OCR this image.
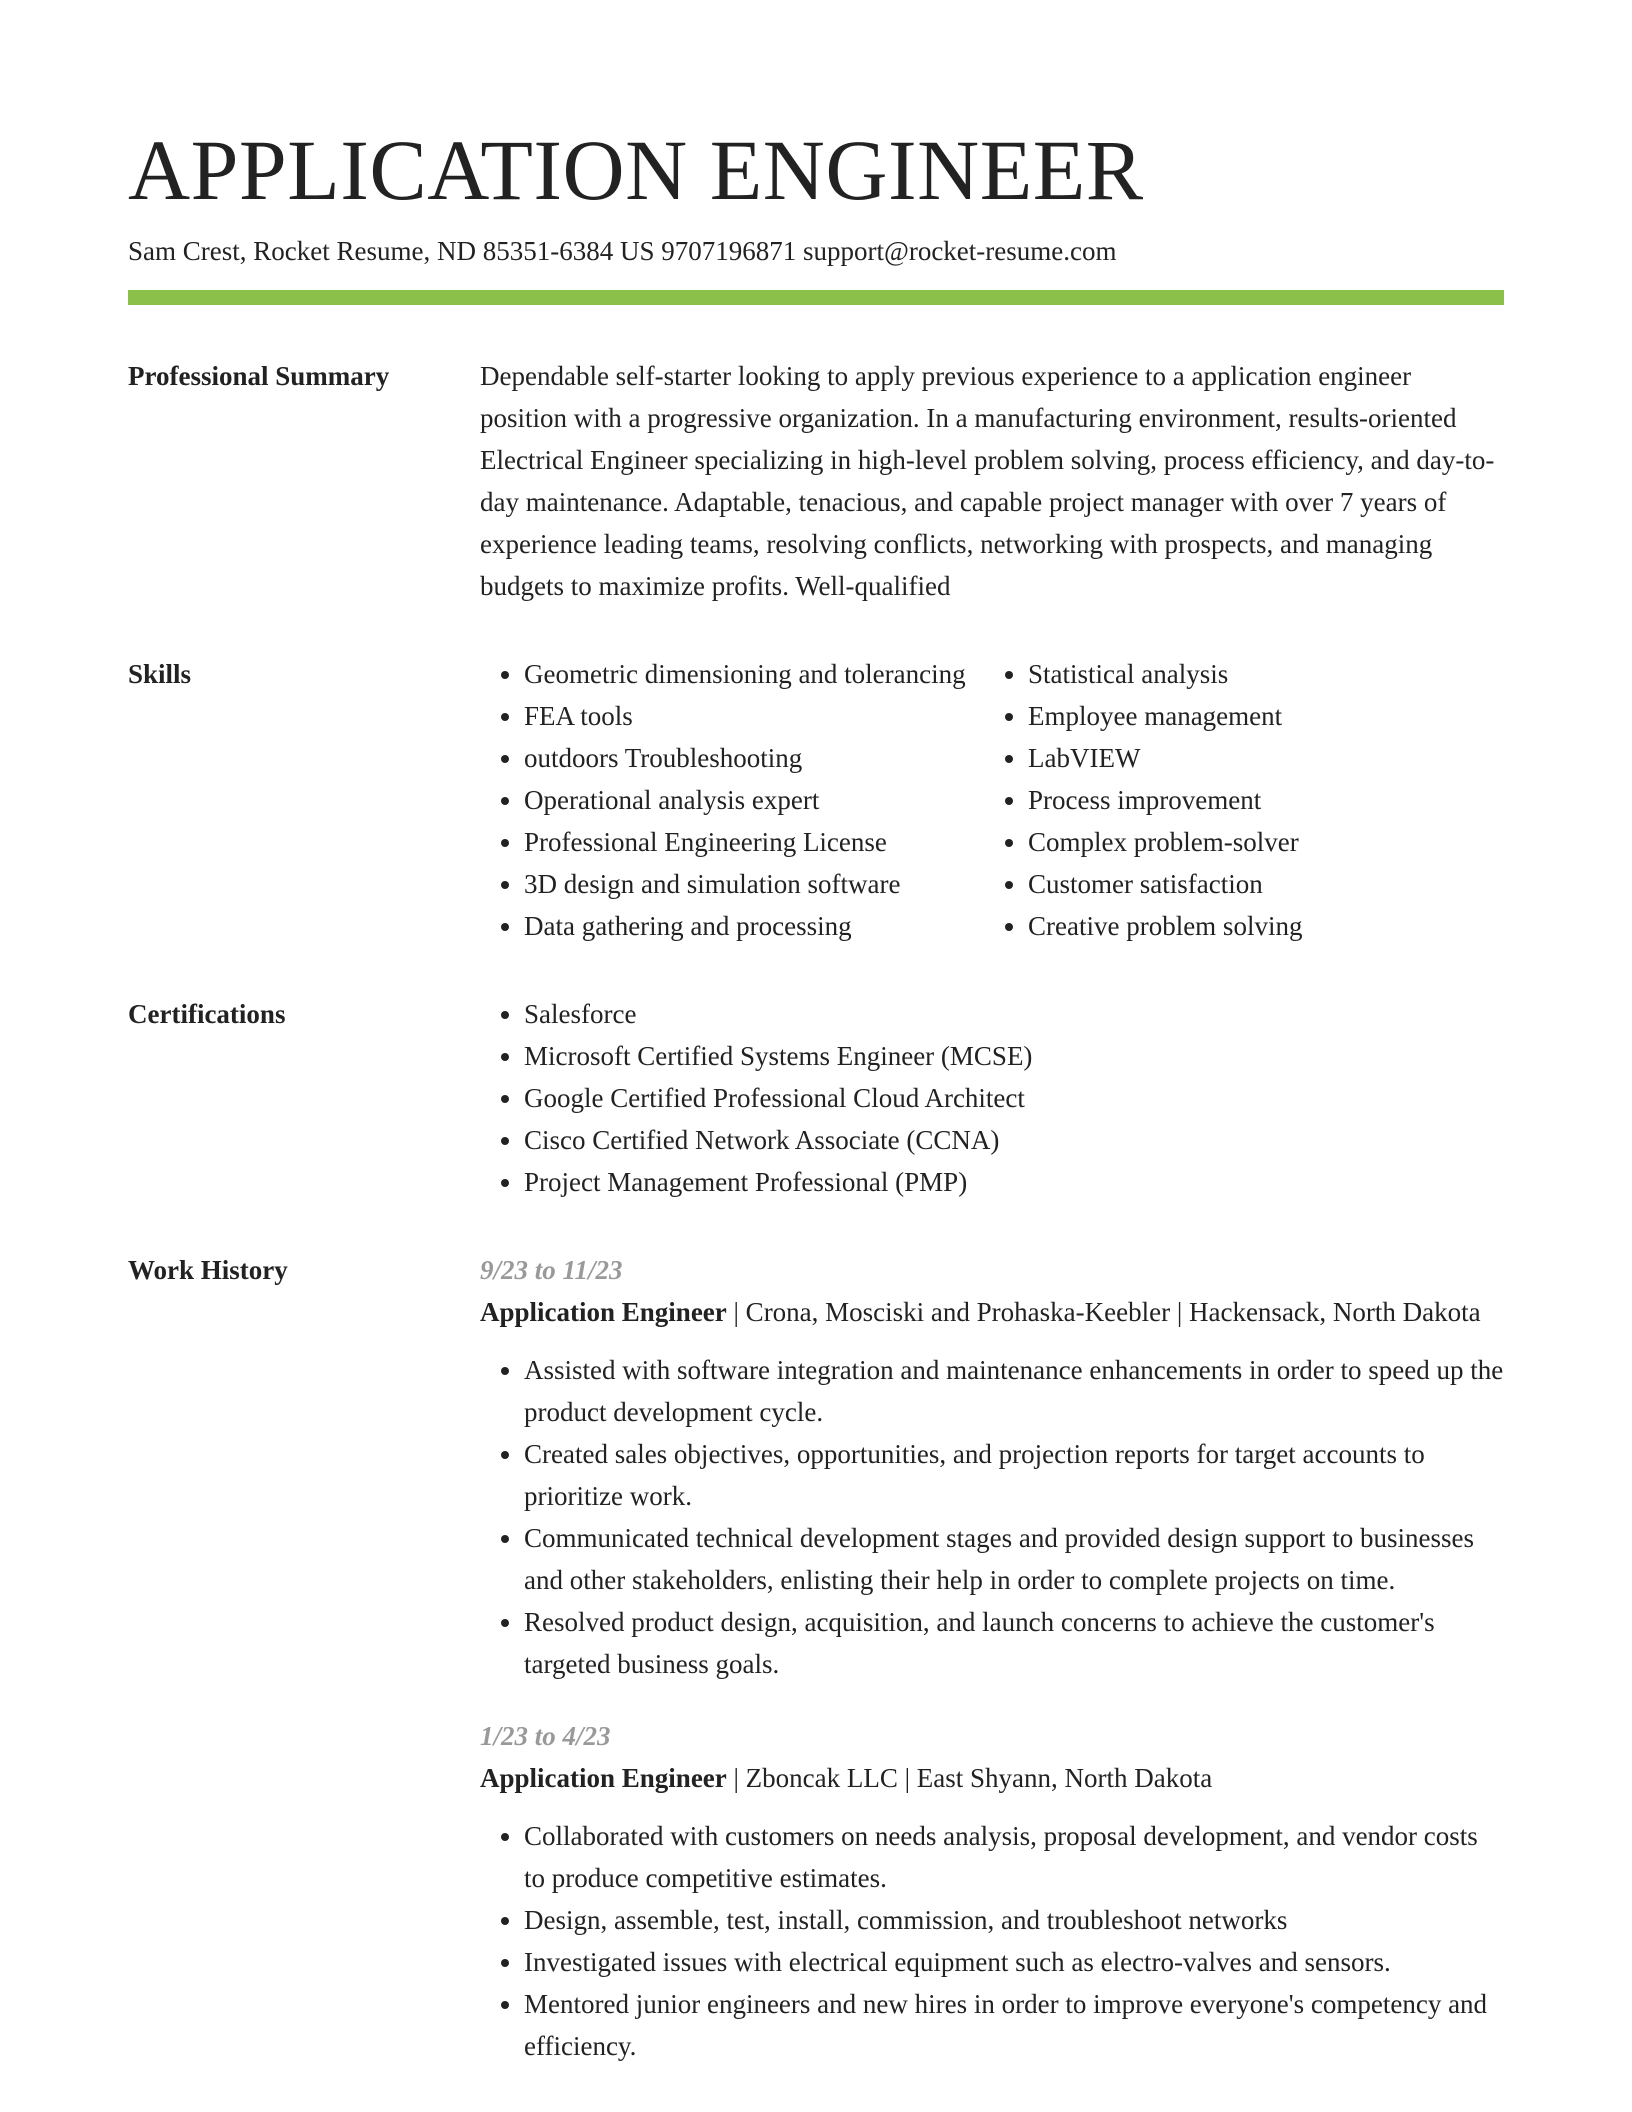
APPLICATION ENGINEER
Sam Crest, Rocket Resume, ND 85351-6384 US 9707196871 support@rocket-resume.com
Professional Summary	Dependable self-starter looking to apply previous experience to a application engineer position with a progressive organization. In a manufacturing environment, results-oriented Electrical Engineer specializing in high-level problem solving, process efficiency, and day-to-day maintenance. Adaptable, tenacious, and capable project manager with over 7 years of experience leading teams, resolving conflicts, networking with prospects, and managing budgets to maximize profits. Well-qualified

Skills	• Geometric dimensioning and tolerancing
• FEA tools
• outdoors Troubleshooting
• Operational analysis expert
• Professional Engineering License
• 3D design and simulation software
• Data gathering and processing
• Statistical analysis
• Employee management
• LabVIEW
• Process improvement
• Complex problem-solver
• Customer satisfaction
• Creative problem solving
Certifications	• Salesforce
• Microsoft Certified Systems Engineer (MCSE)
• Google Certified Professional Cloud Architect
• Cisco Certified Network Associate (CCNA)
• Project Management Professional (PMP)
Work History	9/23 to 11/23
Application Engineer | Crona, Mosciski and Prohaska-Keebler | Hackensack, North Dakota
• Assisted with software integration and maintenance enhancements in order to speed up the product development cycle.
• Created sales objectives, opportunities, and projection reports for target accounts to prioritize work.
• Communicated technical development stages and provided design support to businesses and other stakeholders, enlisting their help in order to complete projects on time.
• Resolved product design, acquisition, and launch concerns to achieve the customer's targeted business goals.
1/23 to 4/23
Application Engineer | Zboncak LLC | East Shyann, North Dakota
• Collaborated with customers on needs analysis, proposal development, and vendor costs to produce competitive estimates.
• Design, assemble, test, install, commission, and troubleshoot networks
• Investigated issues with electrical equipment such as electro-valves and sensors.
• Mentored junior engineers and new hires in order to improve everyone's competency and efficiency.
